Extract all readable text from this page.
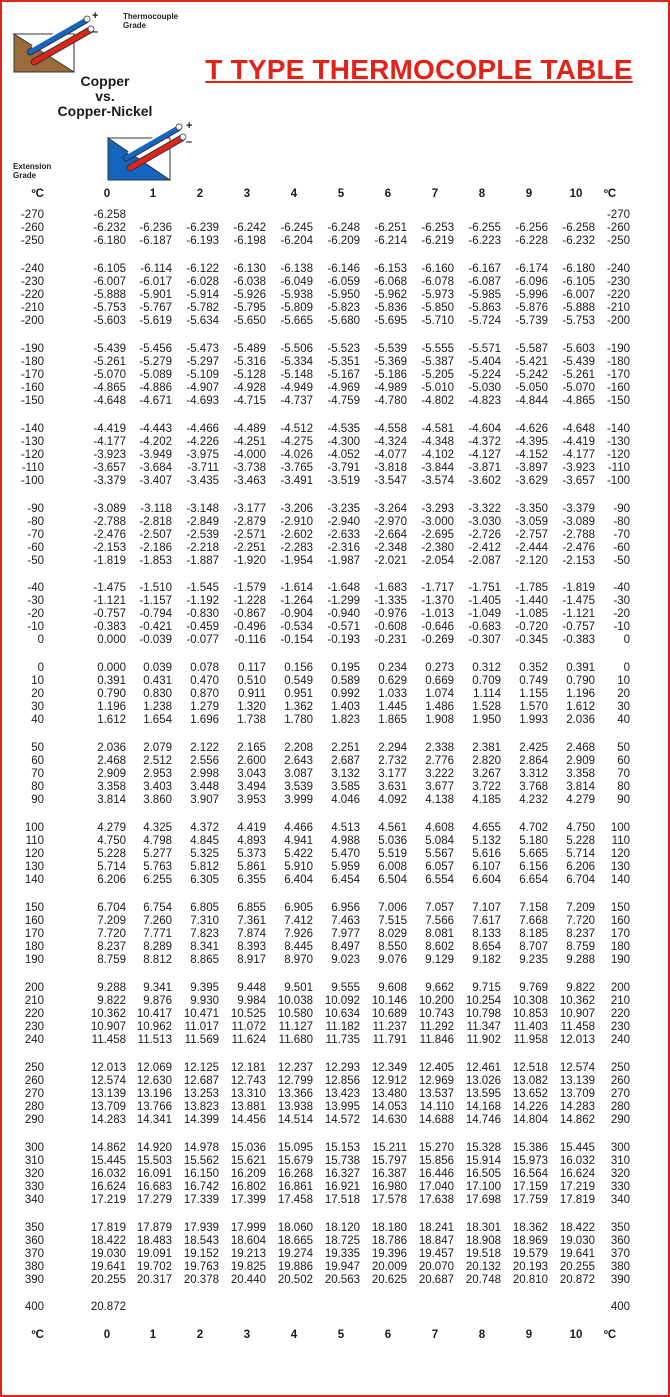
+
–
Thermocouple Grade
Copper
vs.
Copper-Nickel
T TYPE THERMOCOPLE TABLE
+
–
Extension Grade
ºC	0	1	2	3	4	5	6	7	8	9	10	ºC
-270	-6.258	-270
-260	-6.232	-6.236	-6.239	-6.242	-6.245	-6.248	-6.251	-6.253	-6.255	-6.256	-6.258	-260
-250	-6.180	-6.187	-6.193	-6.198	-6.204	-6.209	-6.214	-6.219	-6.223	-6.228	-6.232	-250
-240	-6.105	-6.114	-6.122	-6.130	-6.138	-6.146	-6.153	-6.160	-6.167	-6.174	-6.180	-240
-230	-6.007	-6.017	-6.028	-6.038	-6.049	-6.059	-6.068	-6.078	-6.087	-6.096	-6.105	-230
-220	-5.888	-5.901	-5.914	-5.926	-5.938	-5.950	-5.962	-5.973	-5.985	-5.996	-6.007	-220
-210	-5.753	-5.767	-5.782	-5.795	-5.809	-5.823	-5.836	-5.850	-5.863	-5.876	-5.888	-210
-200	-5.603	-5.619	-5.634	-5.650	-5.665	-5.680	-5.695	-5.710	-5.724	-5.739	-5.753	-200
-190	-5.439	-5.456	-5.473	-5.489	-5.506	-5.523	-5.539	-5.555	-5.571	-5.587	-5.603	-190
-180	-5.261	-5.279	-5.297	-5.316	-5.334	-5.351	-5.369	-5.387	-5.404	-5.421	-5.439	-180
-170	-5.070	-5.089	-5.109	-5.128	-5.148	-5.167	-5.186	-5.205	-5.224	-5.242	-5.261	-170
-160	-4.865	-4.886	-4.907	-4.928	-4.949	-4.969	-4.989	-5.010	-5.030	-5.050	-5.070	-160
-150	-4.648	-4.671	-4.693	-4.715	-4.737	-4.759	-4.780	-4.802	-4.823	-4.844	-4.865	-150
-140	-4.419	-4.443	-4.466	-4.489	-4.512	-4.535	-4.558	-4.581	-4.604	-4.626	-4.648	-140
-130	-4.177	-4.202	-4.226	-4.251	-4.275	-4.300	-4.324	-4.348	-4.372	-4.395	-4.419	-130
-120	-3.923	-3.949	-3.975	-4.000	-4.026	-4.052	-4.077	-4.102	-4.127	-4.152	-4.177	-120
-110	-3.657	-3.684	-3.711	-3.738	-3.765	-3.791	-3.818	-3.844	-3.871	-3.897	-3.923	-110
-100	-3.379	-3.407	-3.435	-3.463	-3.491	-3.519	-3.547	-3.574	-3.602	-3.629	-3.657	-100
-90	-3.089	-3.118	-3.148	-3.177	-3.206	-3.235	-3.264	-3.293	-3.322	-3.350	-3.379	-90
-80	-2.788	-2.818	-2.849	-2.879	-2.910	-2.940	-2.970	-3.000	-3.030	-3.059	-3.089	-80
-70	-2.476	-2.507	-2.539	-2.571	-2.602	-2.633	-2.664	-2.695	-2.726	-2.757	-2.788	-70
-60	-2.153	-2.186	-2.218	-2.251	-2.283	-2.316	-2.348	-2.380	-2.412	-2.444	-2.476	-60
-50	-1.819	-1.853	-1.887	-1.920	-1.954	-1.987	-2.021	-2.054	-2.087	-2.120	-2.153	-50
-40	-1.475	-1.510	-1.545	-1.579	-1.614	-1.648	-1.683	-1.717	-1.751	-1.785	-1.819	-40
-30	-1.121	-1.157	-1.192	-1.228	-1.264	-1.299	-1.335	-1.370	-1.405	-1.440	-1.475	-30
-20	-0.757	-0.794	-0.830	-0.867	-0.904	-0.940	-0.976	-1.013	-1.049	-1.085	-1.121	-20
-10	-0.383	-0.421	-0.459	-0.496	-0.534	-0.571	-0.608	-0.646	-0.683	-0.720	-0.757	-10
0	0.000	-0.039	-0.077	-0.116	-0.154	-0.193	-0.231	-0.269	-0.307	-0.345	-0.383	0
0	0.000	0.039	0.078	0.117	0.156	0.195	0.234	0.273	0.312	0.352	0.391	0
10	0.391	0.431	0.470	0.510	0.549	0.589	0.629	0.669	0.709	0.749	0.790	10
20	0.790	0.830	0.870	0.911	0.951	0.992	1.033	1.074	1.114	1.155	1.196	20
30	1.196	1.238	1.279	1.320	1.362	1.403	1.445	1.486	1.528	1.570	1.612	30
40	1.612	1.654	1.696	1.738	1.780	1.823	1.865	1.908	1.950	1.993	2.036	40
50	2.036	2.079	2.122	2.165	2.208	2.251	2.294	2.338	2.381	2.425	2.468	50
60	2.468	2.512	2.556	2.600	2.643	2.687	2.732	2.776	2.820	2.864	2.909	60
70	2.909	2.953	2.998	3.043	3.087	3.132	3.177	3.222	3.267	3.312	3.358	70
80	3.358	3.403	3.448	3.494	3.539	3.585	3.631	3.677	3.722	3.768	3.814	80
90	3.814	3.860	3.907	3.953	3.999	4.046	4.092	4.138	4.185	4.232	4.279	90
100	4.279	4.325	4.372	4.419	4.466	4.513	4.561	4.608	4.655	4.702	4.750	100
110	4.750	4.798	4.845	4.893	4.941	4.988	5.036	5.084	5.132	5.180	5.228	110
120	5.228	5.277	5.325	5.373	5.422	5.470	5.519	5.567	5.616	5.665	5.714	120
130	5.714	5.763	5.812	5.861	5.910	5.959	6.008	6.057	6.107	6.156	6.206	130
140	6.206	6.255	6.305	6.355	6.404	6.454	6.504	6.554	6.604	6.654	6.704	140
150	6.704	6.754	6.805	6.855	6.905	6.956	7.006	7.057	7.107	7.158	7.209	150
160	7.209	7.260	7.310	7.361	7.412	7.463	7.515	7.566	7.617	7.668	7.720	160
170	7.720	7.771	7.823	7.874	7.926	7.977	8.029	8.081	8.133	8.185	8.237	170
180	8.237	8.289	8.341	8.393	8.445	8.497	8.550	8.602	8.654	8.707	8.759	180
190	8.759	8.812	8.865	8.917	8.970	9.023	9.076	9.129	9.182	9.235	9.288	190
200	9.288	9.341	9.395	9.448	9.501	9.555	9.608	9.662	9.715	9.769	9.822	200
210	9.822	9.876	9.930	9.984	10.038	10.092	10.146	10.200	10.254	10.308	10.362	210
220	10.362 10.417	10.471	10.525	10.580	10.634	10.689	10.743	10.798	10.853	10.907	220
230	10.907 10.962	11.017	11.072	11.127	11.182	11.237	11.292	11.347	11.403	11.458	230
240	11.458	11.513	11.569	11.624	11.680	11.735	11.791	11.846	11.902	11.958	12.013	240
250	12.013 12.069	12.125	12.181	12.237	12.293	12.349	12.405	12.461	12.518	12.574	250
260	12.574 12.630	12.687	12.743	12.799	12.856	12.912	12.969	13.026	13.082	13.139	260
270	13.139 13.196	13.253	13.310	13.366	13.423	13.480	13.537	13.595	13.652	13.709	270
280	13.709 13.766	13.823	13.881	13.938	13.995	14.053	14.110	14.168	14.226	14.283	280
290	14.283 14.341	14.399	14.456	14.514	14.572	14.630	14.688	14.746	14.804	14.862	290
300	14.862 14.920	14.978	15.036	15.095	15.153	15.211	15.270	15.328	15.386	15.445	300
310	15.445 15.503	15.562	15.621	15.679	15.738	15.797	15.856	15.914	15.973	16.032	310
320	16.032 16.091	16.150	16.209	16.268	16.327	16.387	16.446	16.505	16.564	16.624	320
330	16.624 16.683	16.742	16.802	16.861	16.921	16.980	17.040	17.100	17.159	17.219	330
340	17.219 17.279	17.339	17.399	17.458	17.518	17.578	17.638	17.698	17.759	17.819	340
350	17.819 17.879	17.939	17.999	18.060	18.120	18.180	18.241	18.301	18.362	18.422	350
360	18.422 18.483	18.543	18.604	18.665	18.725	18.786	18.847	18.908	18.969	19.030	360
370	19.030 19.091	19.152	19.213	19.274	19.335	19.396	19.457	19.518	19.579	19.641	370
380	19.641 19.702	19.763	19.825	19.886	19.947	20.009	20.070	20.132	20.193	20.255	380
390	20.255 20.317	20.378	20.440	20.502	20.563	20.625	20.687	20.748	20.810	20.872	390
400	20.872	400
ºC	0	1	2	3	4	5	6	7	8	9	10	ºC
